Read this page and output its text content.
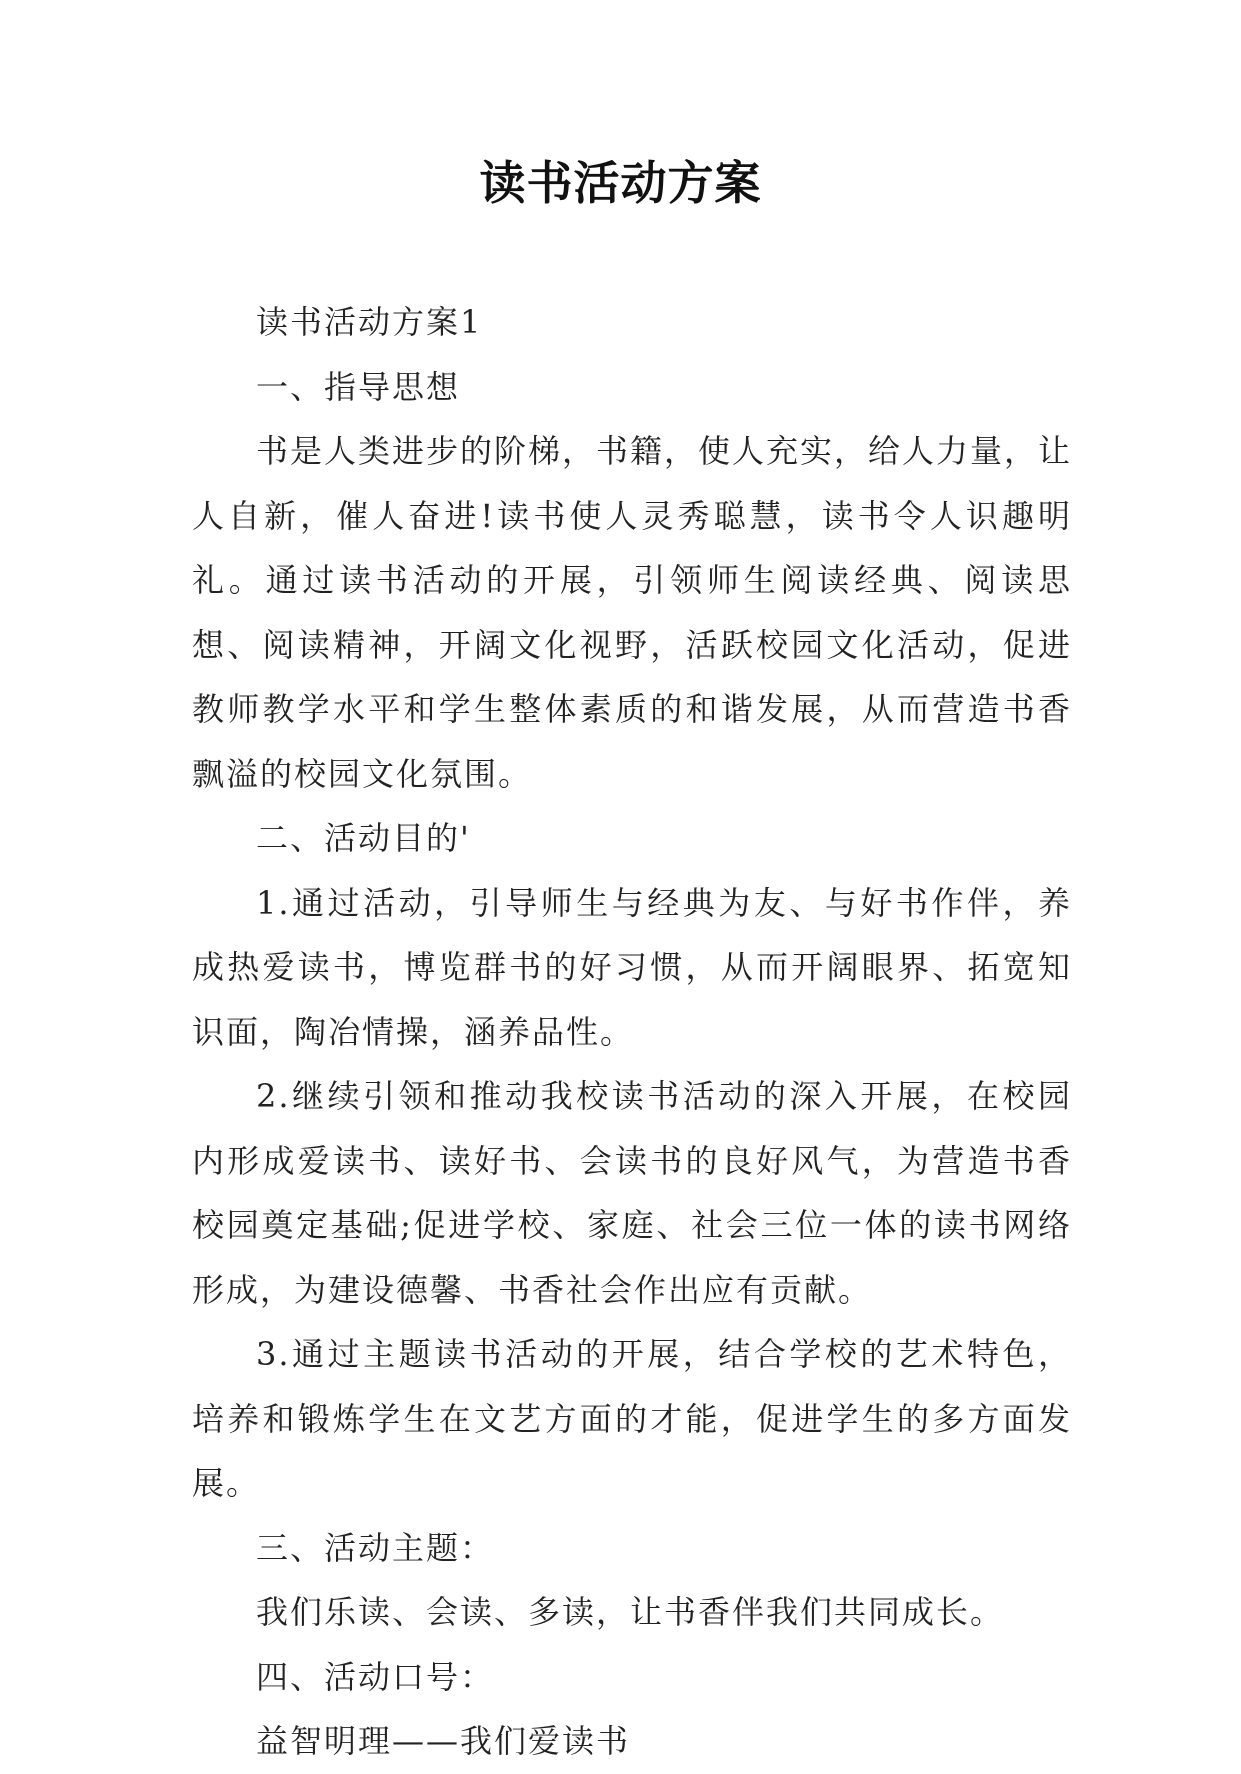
读书活动方案

读书活动方案1

一、指导思想

书是人类进步的阶梯，书籍，使人充实，给人力量，让人自新，催人奋进!读书使人灵秀聪慧，读书令人识趣明礼。通过读书活动的开展，引领师生阅读经典、阅读思想、阅读精神，开阔文化视野，活跃校园文化活动，促进教师教学水平和学生整体素质的和谐发展，从而营造书香飘溢的校园文化氛围。

二、活动目的'

1.通过活动，引导师生与经典为友、与好书作伴，养成热爱读书，博览群书的好习惯，从而开阔眼界、拓宽知识面，陶冶情操，涵养品性。

2.继续引领和推动我校读书活动的深入开展，在校园内形成爱读书、读好书、会读书的良好风气，为营造书香校园奠定基础;促进学校、家庭、社会三位一体的读书网络形成，为建设德馨、书香社会作出应有贡献。

3.通过主题读书活动的开展，结合学校的艺术特色，培养和锻炼学生在文艺方面的才能，促进学生的多方面发展。

三、活动主题：

我们乐读、会读、多读，让书香伴我们共同成长。

四、活动口号：

益智明理——我们爱读书
